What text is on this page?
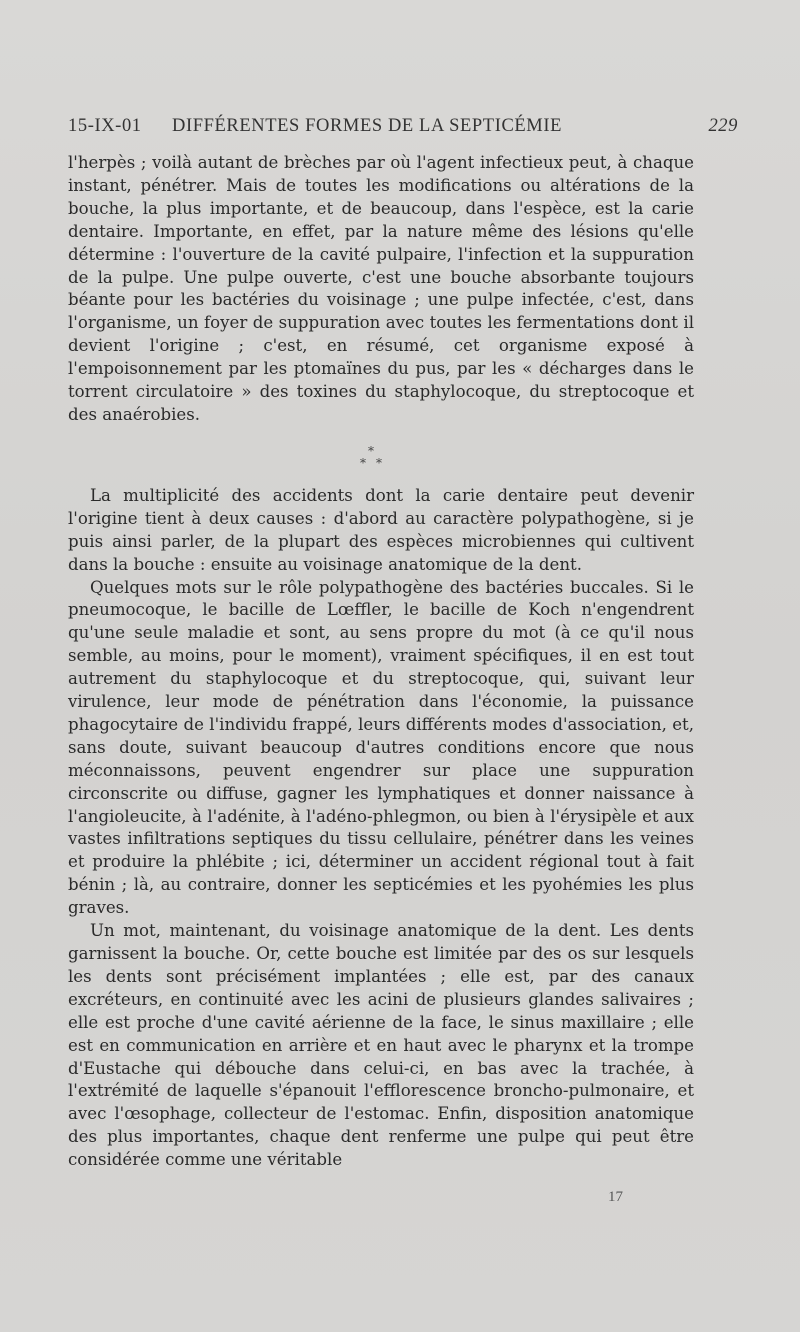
15-IX-01 DIFFÉRENTES FORMES DE LA SEPTICÉMIE	229

l'herpès ; voilà autant de brèches par où l'agent infectieux peut, à chaque instant, pénétrer. Mais de toutes les modifications ou altérations de la bouche, la plus importante, et de beaucoup, dans l'espèce, est la carie dentaire. Importante, en effet, par la nature même des lésions qu'elle détermine : l'ouverture de la cavité pulpaire, l'infection et la suppuration de la pulpe. Une pulpe ouverte, c'est une bouche absorbante toujours béante pour les bactéries du voisinage ; une pulpe infectée, c'est, dans l'organisme, un foyer de suppuration avec toutes les fermentations dont il devient l'origine ; c'est, en résumé, cet organisme exposé à l'empoisonnement par les ptomaïnes du pus, par les « décharges dans le torrent circulatoire » des toxines du staphylocoque, du streptocoque et des anaérobies.

*
* *

La multiplicité des accidents dont la carie dentaire peut devenir l'origine tient à deux causes : d'abord au caractère polypathogène, si je puis ainsi parler, de la plupart des espèces microbiennes qui cultivent dans la bouche : ensuite au voisinage anatomique de la dent.

Quelques mots sur le rôle polypathogène des bactéries buccales. Si le pneumocoque, le bacille de Lœffler, le bacille de Koch n'engendrent qu'une seule maladie et sont, au sens propre du mot (à ce qu'il nous semble, au moins, pour le moment), vraiment spécifiques, il en est tout autrement du staphylocoque et du streptocoque, qui, suivant leur virulence, leur mode de pénétration dans l'économie, la puissance phagocytaire de l'individu frappé, leurs différents modes d'association, et, sans doute, suivant beaucoup d'autres conditions encore que nous méconnaissons, peuvent engendrer sur place une suppuration circonscrite ou diffuse, gagner les lymphatiques et donner naissance à l'angioleucite, à l'adénite, à l'adéno-phlegmon, ou bien à l'érysipèle et aux vastes infiltrations septiques du tissu cellulaire, pénétrer dans les veines et produire la phlébite ; ici, déterminer un accident régional tout à fait bénin ; là, au contraire, donner les septicémies et les pyohémies les plus graves.

Un mot, maintenant, du voisinage anatomique de la dent. Les dents garnissent la bouche. Or, cette bouche est limitée par des os sur lesquels les dents sont précisément implantées ; elle est, par des canaux excréteurs, en continuité avec les acini de plusieurs glandes salivaires ; elle est proche d'une cavité aérienne de la face, le sinus maxillaire ; elle est en communication en arrière et en haut avec le pharynx et la trompe d'Eustache qui débouche dans celui-ci, en bas avec la trachée, à l'extrémité de laquelle s'épanouit l'efflorescence broncho-pulmonaire, et avec l'œsophage, collecteur de l'estomac. Enfin, disposition anatomique des plus importantes, chaque dent renferme une pulpe qui peut être considérée comme une véritable

17
